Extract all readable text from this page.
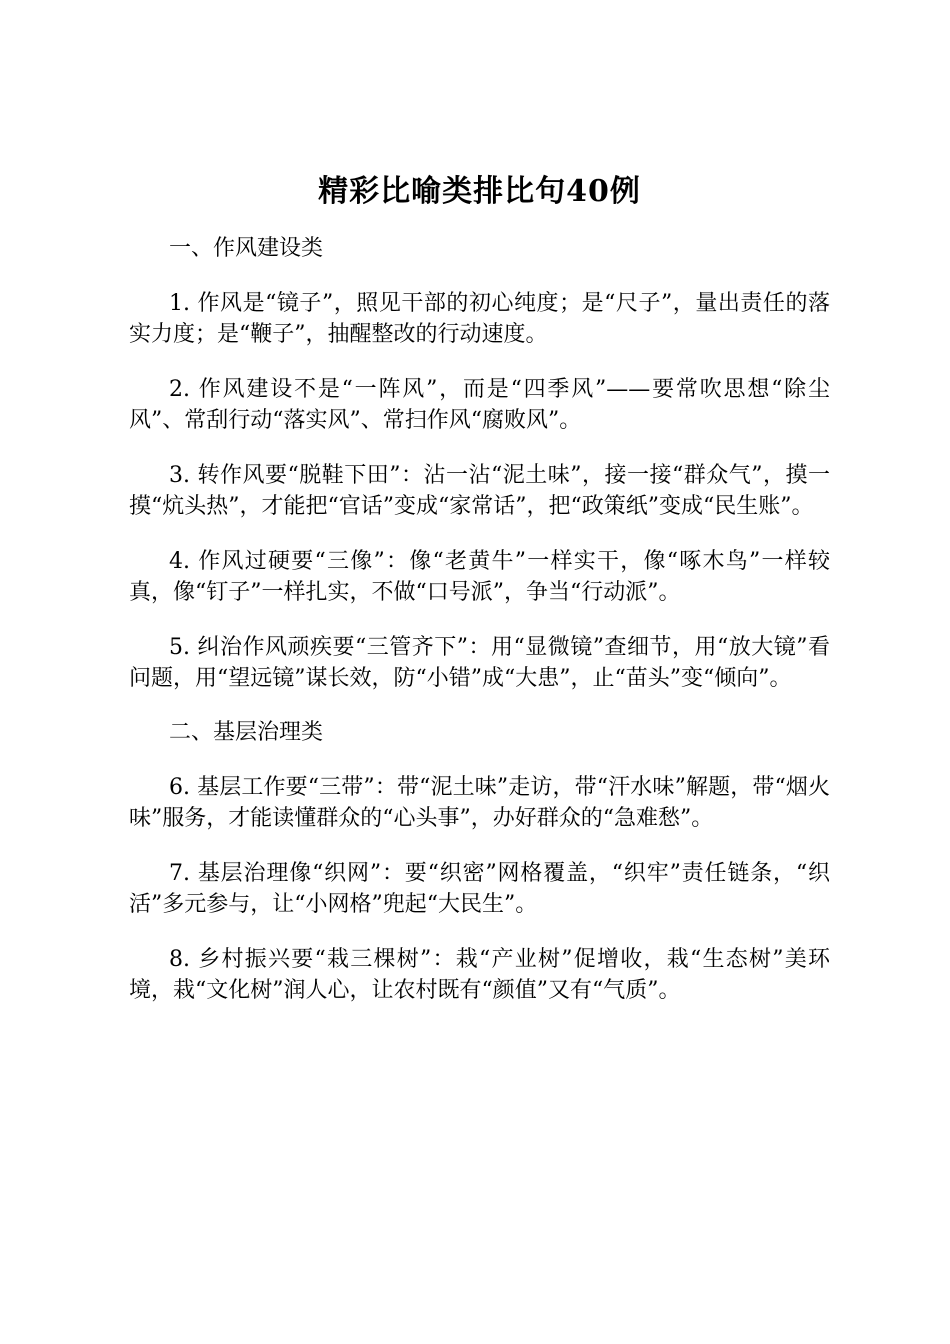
精彩比喻类排比句40例

一、作风建设类

1. 作风是“镜子”，照见干部的初心纯度；是“尺子”，量出责任的落实力度；是“鞭子”，抽醒整改的行动速度。

2. 作风建设不是“一阵风”，而是“四季风”——要常吹思想“除尘风”、常刮行动“落实风”、常扫作风“腐败风”。

3. 转作风要“脱鞋下田”：沾一沾“泥土味”，接一接“群众气”，摸一摸“炕头热”，才能把“官话”变成“家常话”，把“政策纸”变成“民生账”。

4. 作风过硬要“三像”：像“老黄牛”一样实干，像“啄木鸟”一样较真，像“钉子”一样扎实，不做“口号派”，争当“行动派”。

5. 纠治作风顽疾要“三管齐下”：用“显微镜”查细节，用“放大镜”看问题，用“望远镜”谋长效，防“小错”成“大患”，止“苗头”变“倾向”。

二、基层治理类

6. 基层工作要“三带”：带“泥土味”走访，带“汗水味”解题，带“烟火味”服务，才能读懂群众的“心头事”，办好群众的“急难愁”。

7. 基层治理像“织网”：要“织密”网格覆盖，“织牢”责任链条，“织活”多元参与，让“小网格”兜起“大民生”。

8. 乡村振兴要“栽三棵树”：栽“产业树”促增收，栽“生态树”美环境，栽“文化树”润人心，让农村既有“颜值”又有“气质”。
